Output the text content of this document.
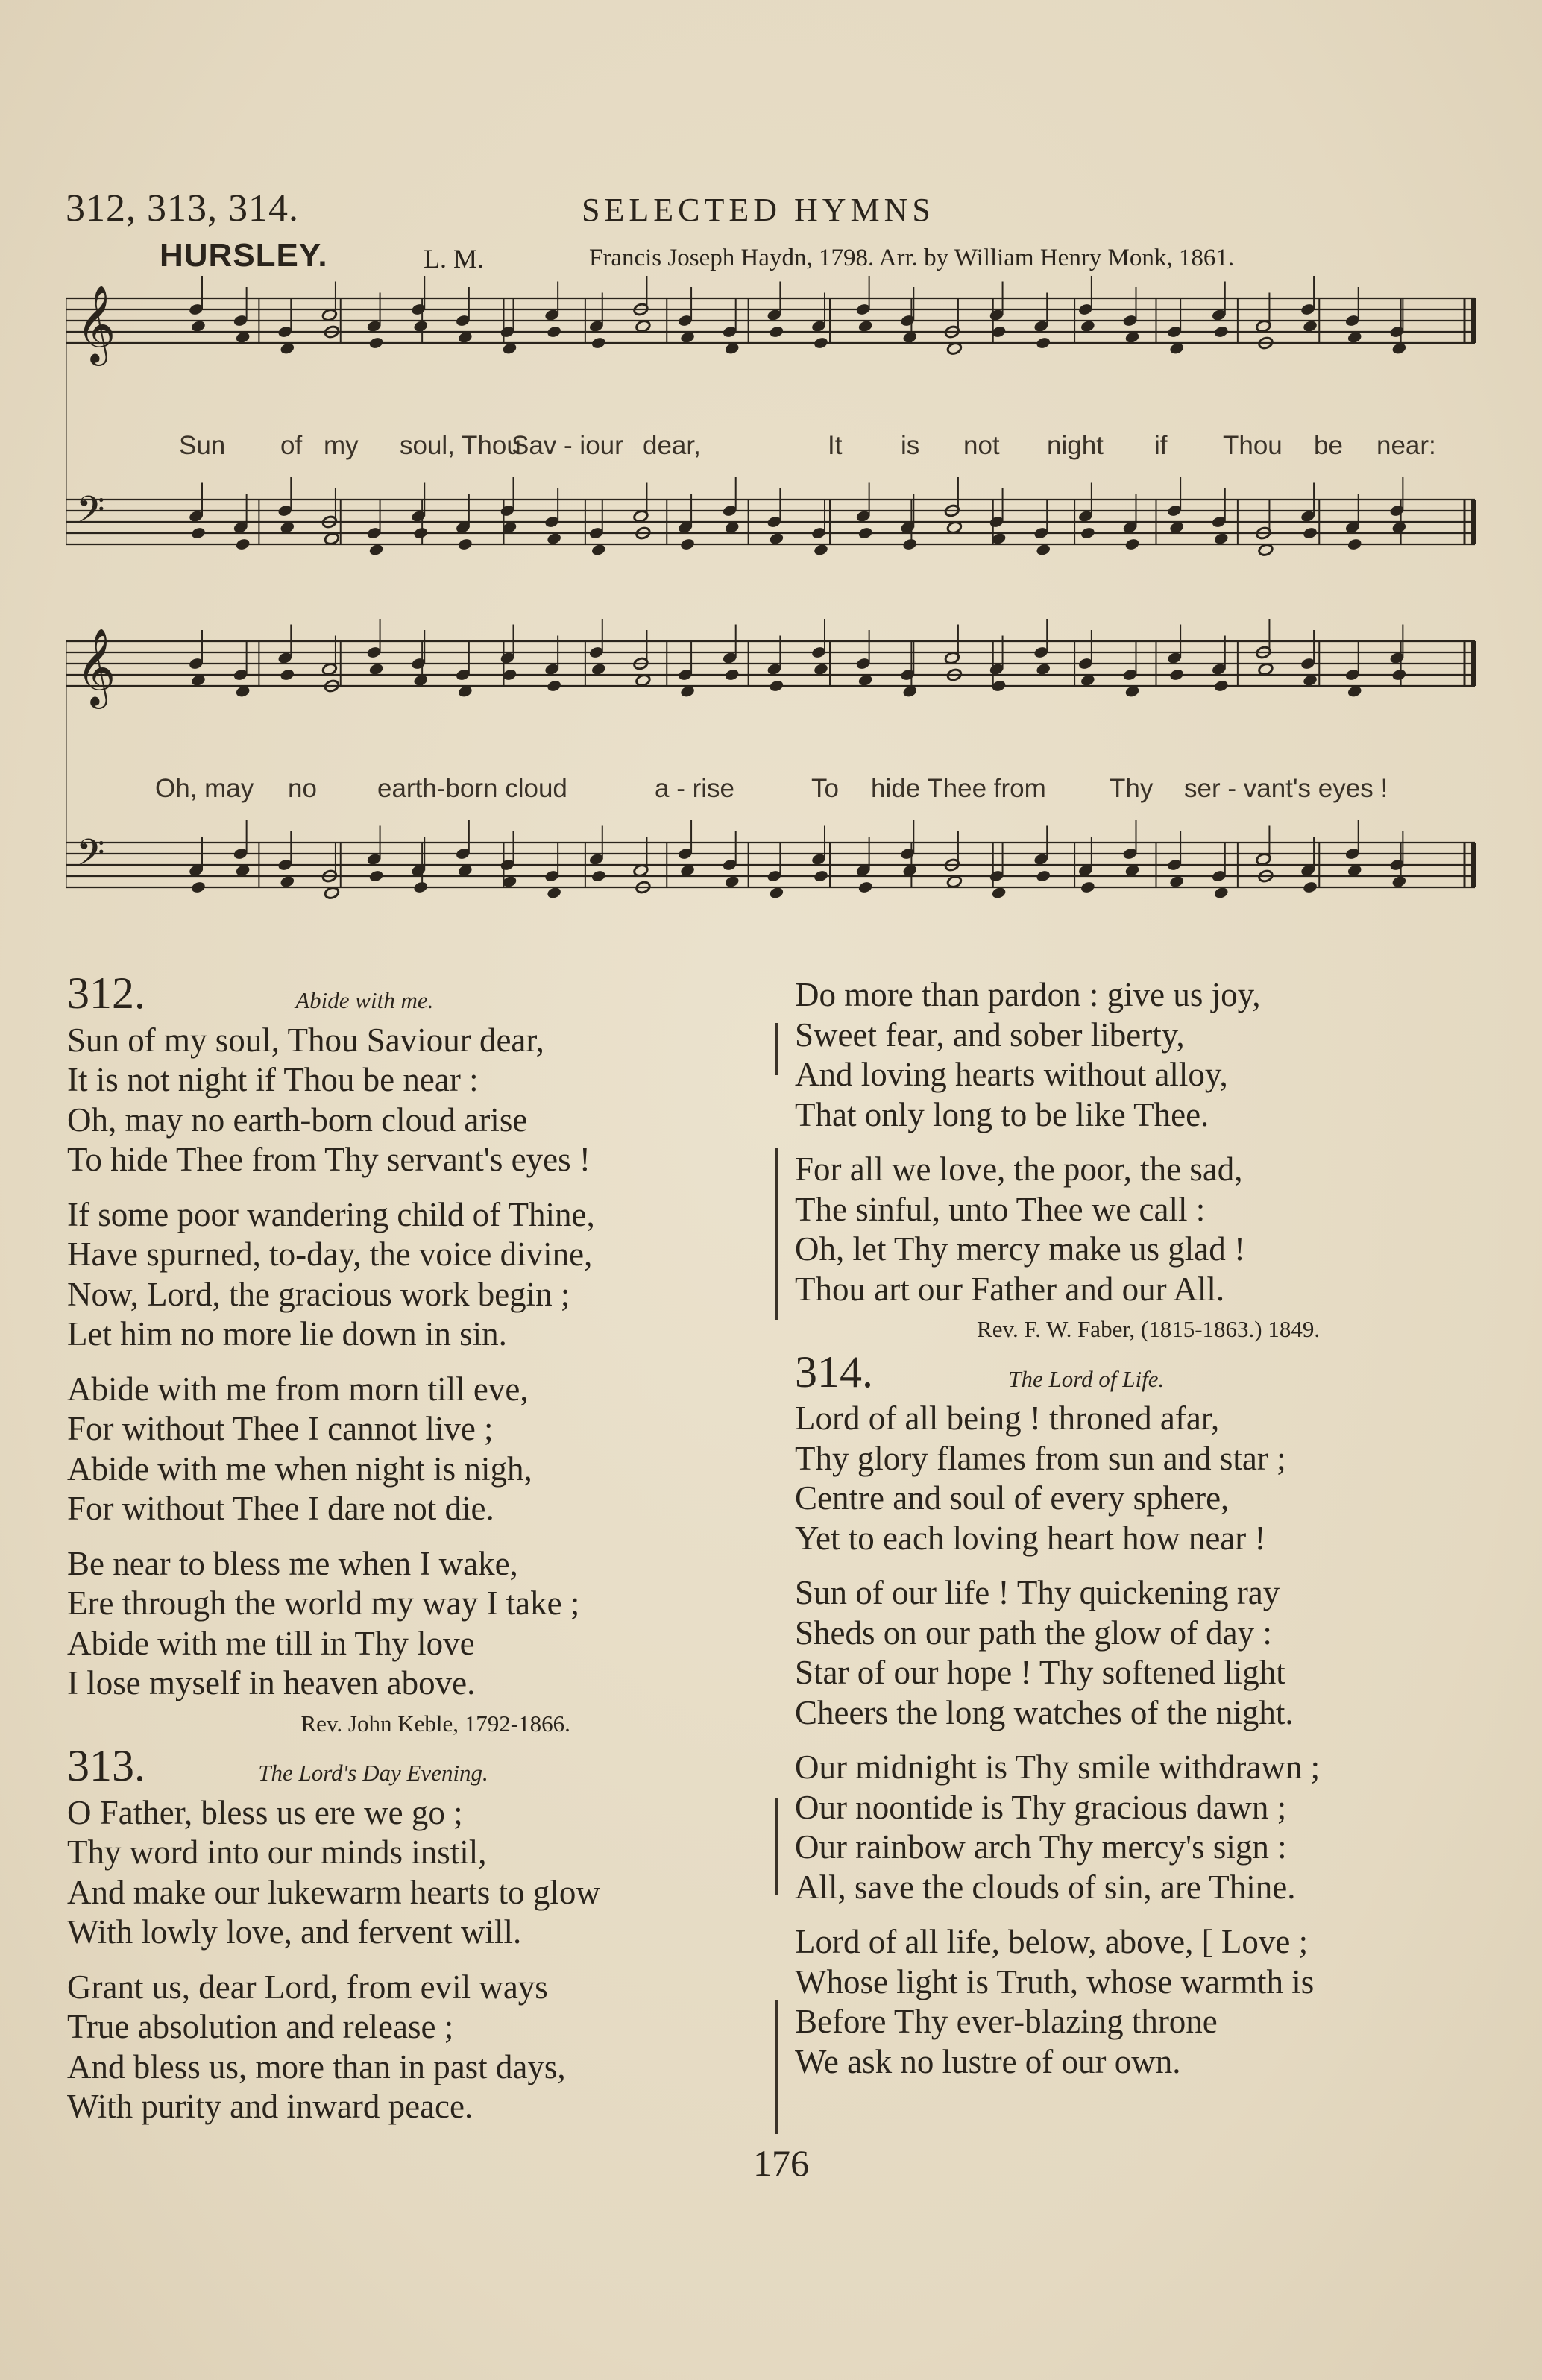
312, 313, 314.	SELECTED HYMNS
HURSLEY.	L. M.	Francis Joseph Haydn, 1798. Arr. by William Henry Monk, 1861.
𝄞
𝄢
𝄢
𝄞
Sun of my soul, Thou
Sav - iour dear,	It is not night if Thou be near:
Oh, may no earth-born cloud	a - rise	To hide Thee from Thy ser - vant's eyes !
312.	Abide with me.
Sun of my soul, Thou Saviour dear,
It is not night if Thou be near :
Oh, may no earth-born cloud arise
To hide Thee from Thy servant's eyes !
If some poor wandering child of Thine,
Have spurned, to-day, the voice divine,
Now, Lord, the gracious work begin ;
Let him no more lie down in sin.
Abide with me from morn till eve,
For without Thee I cannot live ;
Abide with me when night is nigh,
For without Thee I dare not die.
Be near to bless me when I wake,
Ere through the world my way I take ;
Abide with me till in Thy love
I lose myself in heaven above.
Rev. John Keble, 1792-1866.
313.	The Lord's Day Evening.
O Father, bless us ere we go ;
Thy word into our minds instil,
And make our lukewarm hearts to glow
With lowly love, and fervent will.
Grant us, dear Lord, from evil ways
True absolution and release ;
And bless us, more than in past days,
With purity and inward peace.
Do more than pardon : give us joy,
Sweet fear, and sober liberty,
And loving hearts without alloy,
That only long to be like Thee.
For all we love, the poor, the sad,
The sinful, unto Thee we call :
Oh, let Thy mercy make us glad !
Thou art our Father and our All.
Rev. F. W. Faber, (1815-1863.) 1849.
314.	The Lord of Life.
Lord of all being ! throned afar,
Thy glory flames from sun and star ;
Centre and soul of every sphere,
Yet to each loving heart how near !
Sun of our life ! Thy quickening ray
Sheds on our path the glow of day :
Star of our hope ! Thy softened light
Cheers the long watches of the night.
Our midnight is Thy smile withdrawn ;
Our noontide is Thy gracious dawn ;
Our rainbow arch Thy mercy's sign :
All, save the clouds of sin, are Thine.
Lord of all life, below, above, [ Love ;
Whose light is Truth, whose warmth is
Before Thy ever-blazing throne
We ask no lustre of our own.
176
